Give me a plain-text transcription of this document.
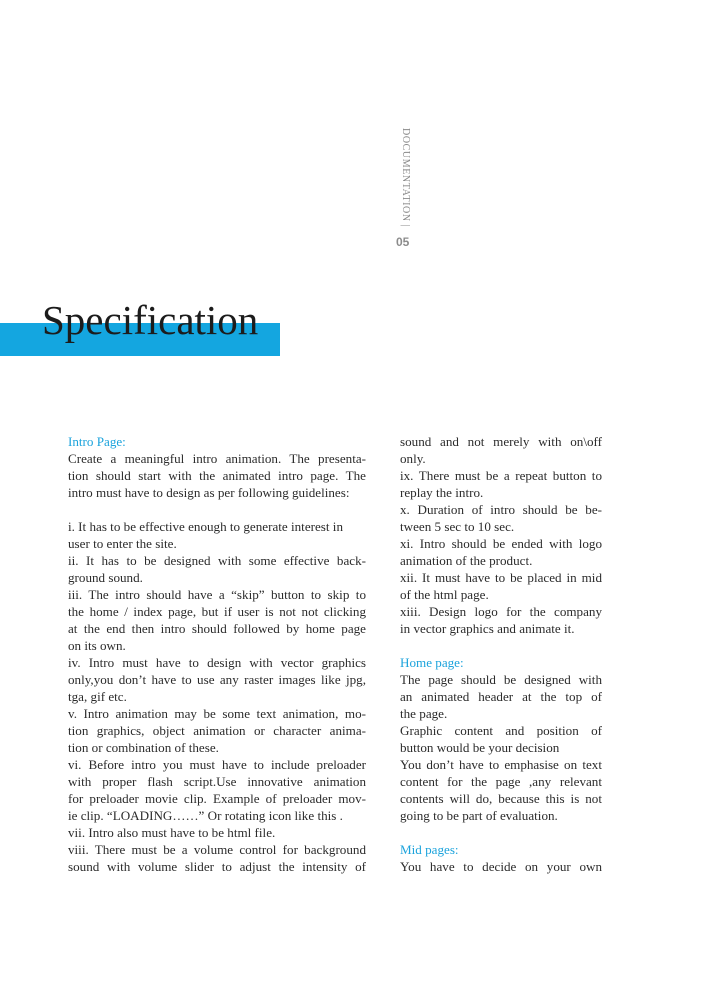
DOCUMENTATION |
05
Specification
Intro Page:
Create a meaningful intro animation. The presenta-
tion should start with the animated intro page. The
intro must have to design as per following guidelines:
i. It has to be effective enough to generate interest in
user to enter the site.
ii. It has to be designed with some effective back-
ground sound.
iii. The intro should have a “skip” button to skip to
the home / index page, but if user is not not clicking
at the end then intro should followed by home page
on its own.
iv. Intro must have to design with vector graphics
only,you don’t have to use any raster images like jpg,
tga, gif etc.
v. Intro animation may be some text animation, mo-
tion graphics, object animation or character anima-
tion or combination of these.
vi. Before intro you must have to include preloader
with proper flash script.Use innovative animation
for preloader movie clip. Example of preloader mov-
ie clip. “LOADING……” Or rotating icon like this .
vii. Intro also must have to be html file.
viii. There must be a volume control for background
sound with volume slider to adjust the intensity of
sound and not merely with on\off
only.
ix. There must be a repeat button to
replay the intro.
x. Duration of intro should be be-
tween 5 sec to 10 sec.
xi. Intro should be ended with logo
animation of the product.
xii. It must have to be placed in mid
of the html page.
xiii. Design logo for the company
in vector graphics and animate it.
Home page:
The page should be designed with
an animated header at the top of
the page.
Graphic content and position of
button would be your decision
You don’t have to emphasise on text
content for the page ,any relevant
contents will do, because this is not
going to be part of evaluation.
Mid pages:
You have to decide on your own
